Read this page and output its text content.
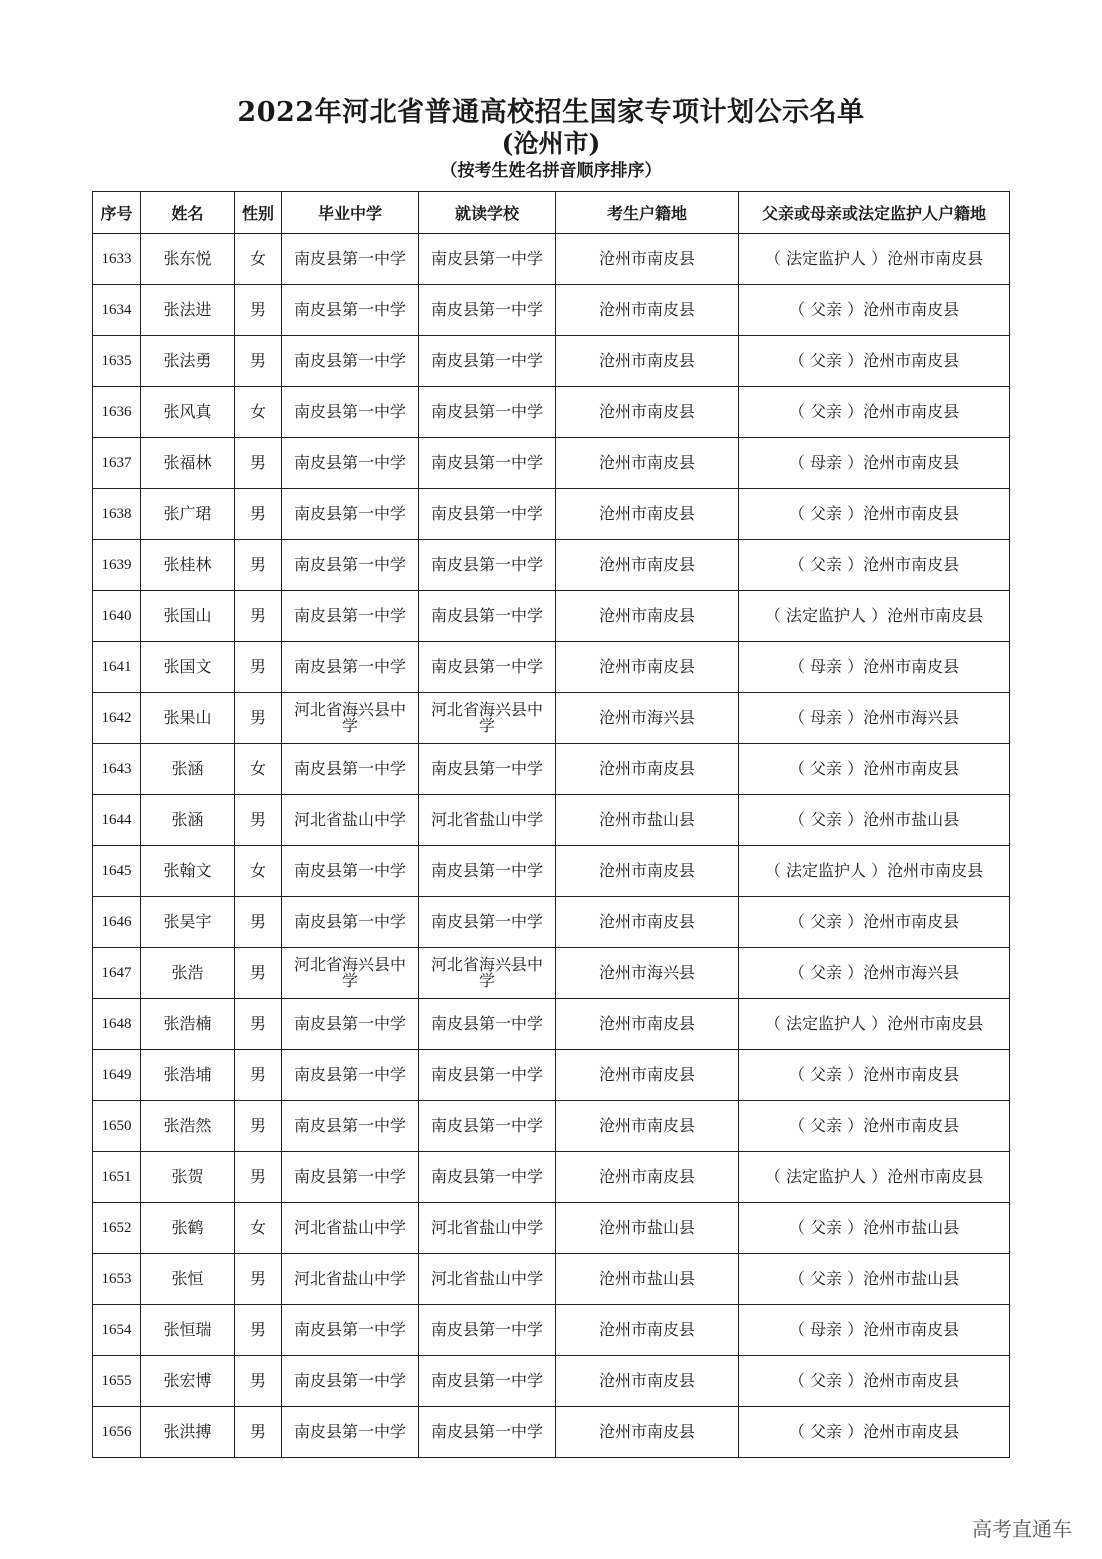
2022年河北省普通高校招生国家专项计划公示名单
(沧州市)
（按考生姓名拼音顺序排序）
序号	姓名	性别	毕业中学	就读学校	考生户籍地	父亲或母亲或法定监护人户籍地
1633	张东悦	女	南皮县第一中学	南皮县第一中学	沧州市南皮县	（ 法定监护人 ）沧州市南皮县
1634	张法进	男	南皮县第一中学	南皮县第一中学	沧州市南皮县	（ 父亲 ）沧州市南皮县
1635	张法勇	男	南皮县第一中学	南皮县第一中学	沧州市南皮县	（ 父亲 ）沧州市南皮县
1636	张风真	女	南皮县第一中学	南皮县第一中学	沧州市南皮县	（ 父亲 ）沧州市南皮县
1637	张福林	男	南皮县第一中学	南皮县第一中学	沧州市南皮县	（ 母亲 ）沧州市南皮县
1638	张广珺	男	南皮县第一中学	南皮县第一中学	沧州市南皮县	（ 父亲 ）沧州市南皮县
1639	张桂林	男	南皮县第一中学	南皮县第一中学	沧州市南皮县	（ 父亲 ）沧州市南皮县
1640	张国山	男	南皮县第一中学	南皮县第一中学	沧州市南皮县	（ 法定监护人 ）沧州市南皮县
1641	张国文	男	南皮县第一中学	南皮县第一中学	沧州市南皮县	（ 母亲 ）沧州市南皮县
1642	张果山	男	河北省海兴县中学	河北省海兴县中学	沧州市海兴县	（ 母亲 ）沧州市海兴县
1643	张涵	女	南皮县第一中学	南皮县第一中学	沧州市南皮县	（ 父亲 ）沧州市南皮县
1644	张涵	男	河北省盐山中学	河北省盐山中学	沧州市盐山县	（ 父亲 ）沧州市盐山县
1645	张翰文	女	南皮县第一中学	南皮县第一中学	沧州市南皮县	（ 法定监护人 ）沧州市南皮县
1646	张昊宇	男	南皮县第一中学	南皮县第一中学	沧州市南皮县	（ 父亲 ）沧州市南皮县
1647	张浩	男	河北省海兴县中学	河北省海兴县中学	沧州市海兴县	（ 父亲 ）沧州市海兴县
1648	张浩楠	男	南皮县第一中学	南皮县第一中学	沧州市南皮县	（ 法定监护人 ）沧州市南皮县
1649	张浩埔	男	南皮县第一中学	南皮县第一中学	沧州市南皮县	（ 父亲 ）沧州市南皮县
1650	张浩然	男	南皮县第一中学	南皮县第一中学	沧州市南皮县	（ 父亲 ）沧州市南皮县
1651	张贺	男	南皮县第一中学	南皮县第一中学	沧州市南皮县	（ 法定监护人 ）沧州市南皮县
1652	张鹤	女	河北省盐山中学	河北省盐山中学	沧州市盐山县	（ 父亲 ）沧州市盐山县
1653	张恒	男	河北省盐山中学	河北省盐山中学	沧州市盐山县	（ 父亲 ）沧州市盐山县
1654	张恒瑞	男	南皮县第一中学	南皮县第一中学	沧州市南皮县	（ 母亲 ）沧州市南皮县
1655	张宏博	男	南皮县第一中学	南皮县第一中学	沧州市南皮县	（ 父亲 ）沧州市南皮县
1656	张洪搏	男	南皮县第一中学	南皮县第一中学	沧州市南皮县	（ 父亲 ）沧州市南皮县
高考直通车
